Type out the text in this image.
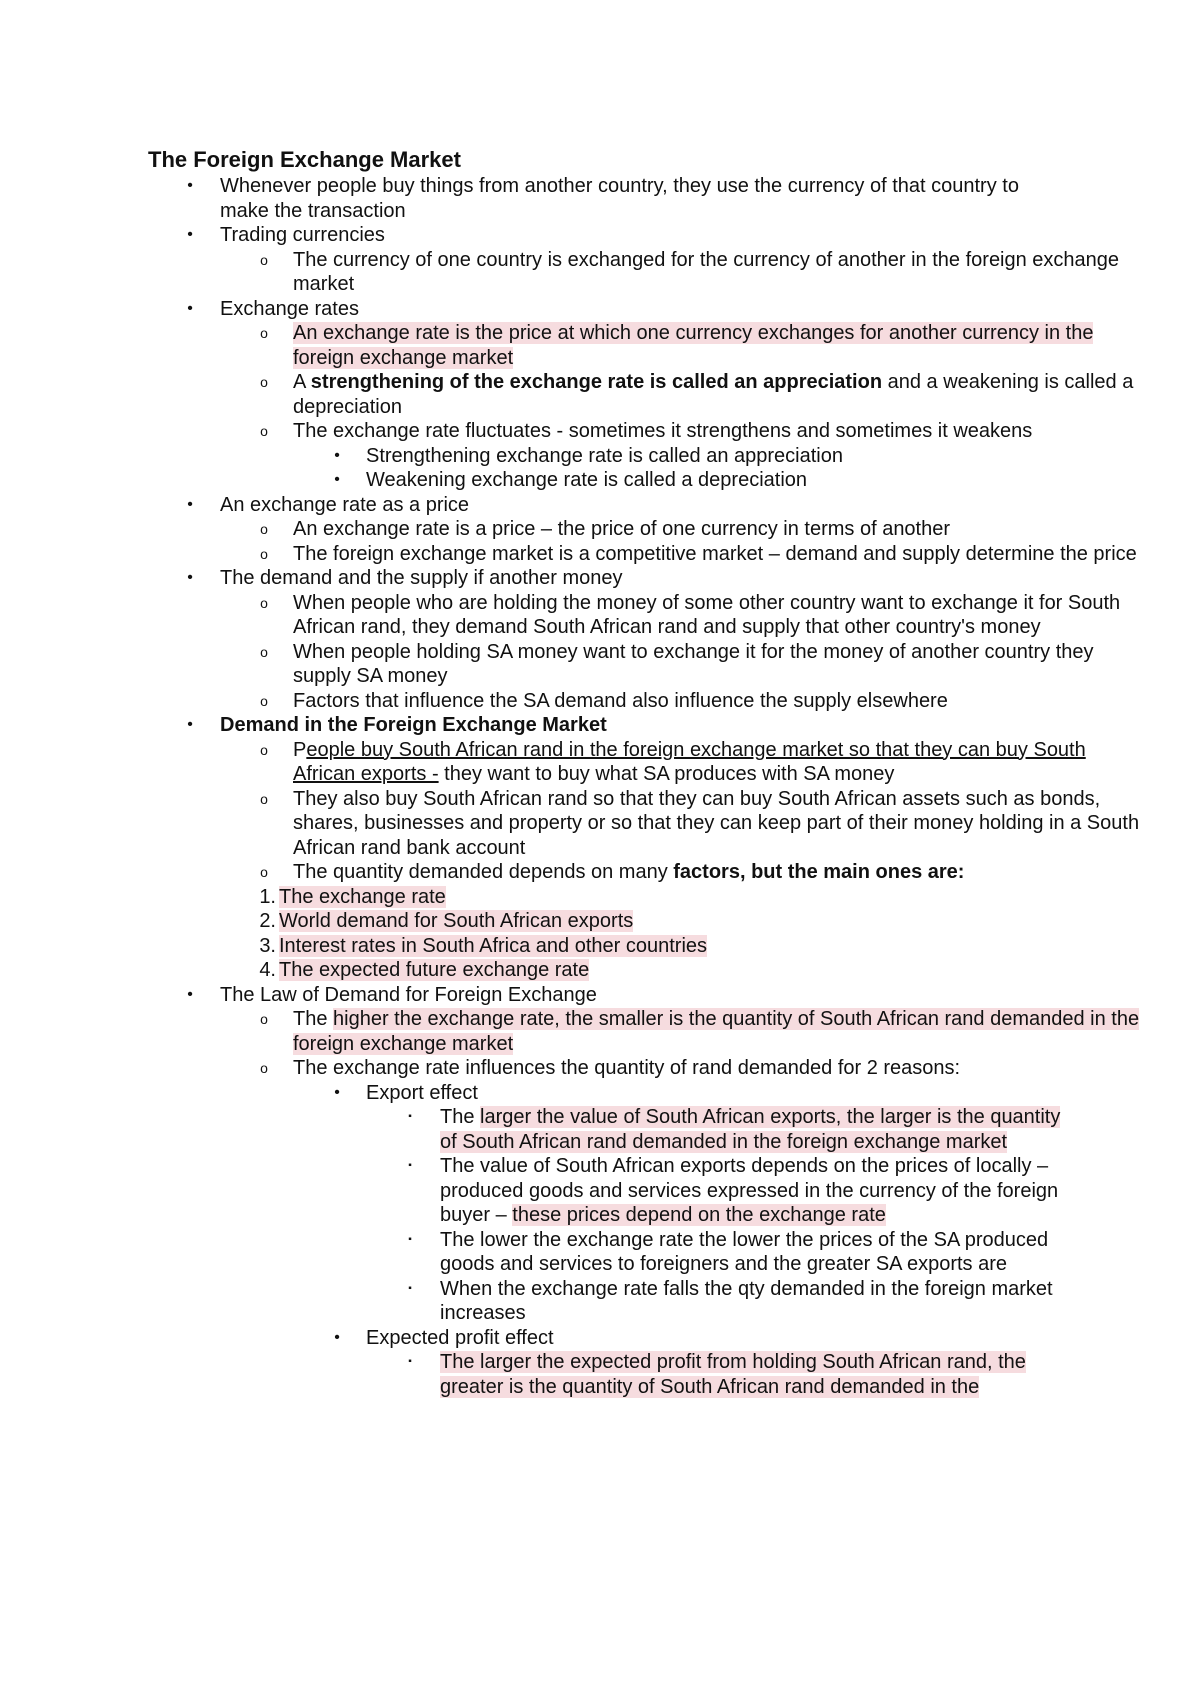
The Foreign Exchange Market
•	Whenever people buy things from another country, they use the currency of that country to make the transaction
•	Trading currencies
o	The currency of one country is exchanged for the currency of another in the foreign exchange market
•	Exchange rates
o	An exchange rate is the price at which one currency exchanges for another currency in the foreign exchange market
o	A strengthening of the exchange rate is called an appreciation and a weakening is called a depreciation
o	The exchange rate fluctuates - sometimes it strengthens and sometimes it weakens
•	Strengthening exchange rate is called an appreciation
•	Weakening exchange rate is called a depreciation
•	An exchange rate as a price
o	An exchange rate is a price – the price of one currency in terms of another
o	The foreign exchange market is a competitive market – demand and supply determine the price
•	The demand and the supply if another money
o	When people who are holding the money of some other country want to exchange it for South African rand, they demand South African rand and supply that other country's money
o	When people holding SA money want to exchange it for the money of another country they supply SA money
o	Factors that influence the SA demand also influence the supply elsewhere
•	Demand in the Foreign Exchange Market
o	People buy South African rand in the foreign exchange market so that they can buy South African exports - they want to buy what SA produces with SA money
o	They also buy South African rand so that they can buy South African assets such as bonds, shares, businesses and property or so that they can keep part of their money holding in a South African rand bank account
o	The quantity demanded depends on many factors, but the main ones are:
1. The exchange rate
2. World demand for South African exports
3. Interest rates in South Africa and other countries
4. The expected future exchange rate
•	The Law of Demand for Foreign Exchange
o	The higher the exchange rate, the smaller is the quantity of South African rand demanded in the foreign exchange market
o	The exchange rate influences the quantity of rand demanded for 2 reasons:
•	Export effect
▪	The larger the value of South African exports, the larger is the quantity of South African rand demanded in the foreign exchange market
▪	The value of South African exports depends on the prices of locally – produced goods and services expressed in the currency of the foreign buyer – these prices depend on the exchange rate
▪	The lower the exchange rate the lower the prices of the SA produced goods and services to foreigners and the greater SA exports are
▪	When the exchange rate falls the qty demanded in the foreign market increases
•	Expected profit effect
▪	The larger the expected profit from holding South African rand, the greater is the quantity of South African rand demanded in the
